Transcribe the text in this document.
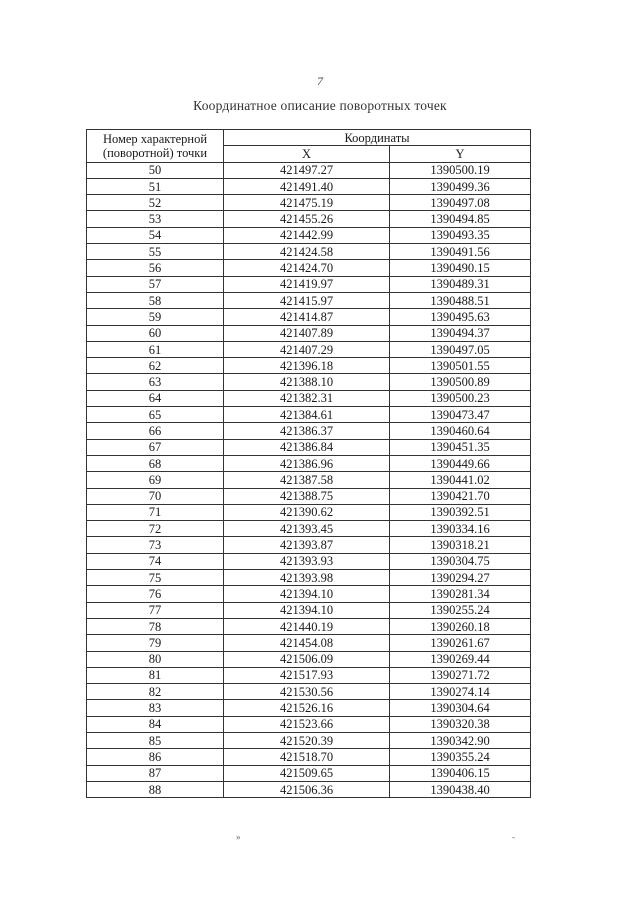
7
Координатное описание поворотных точек
Номер характерной
(поворотной) точки	Координаты	
	X	Y
50	421497.27	1390500.19
51	421491.40	1390499.36
52	421475.19	1390497.08
53	421455.26	1390494.85
54	421442.99	1390493.35
55	421424.58	1390491.56
56	421424.70	1390490.15
57	421419.97	1390489.31
58	421415.97	1390488.51
59	421414.87	1390495.63
60	421407.89	1390494.37
61	421407.29	1390497.05
62	421396.18	1390501.55
63	421388.10	1390500.89
64	421382.31	1390500.23
65	421384.61	1390473.47
66	421386.37	1390460.64
67	421386.84	1390451.35
68	421386.96	1390449.66
69	421387.58	1390441.02
70	421388.75	1390421.70
71	421390.62	1390392.51
72	421393.45	1390334.16
73	421393.87	1390318.21
74	421393.93	1390304.75
75	421393.98	1390294.27
76	421394.10	1390281.34
77	421394.10	1390255.24
78	421440.19	1390260.18
79	421454.08	1390261.67
80	421506.09	1390269.44
81	421517.93	1390271.72
82	421530.56	1390274.14
83	421526.16	1390304.64
84	421523.66	1390320.38
85	421520.39	1390342.90
86	421518.70	1390355.24
87	421509.65	1390406.15
88	421506.36	1390438.40
»	-
